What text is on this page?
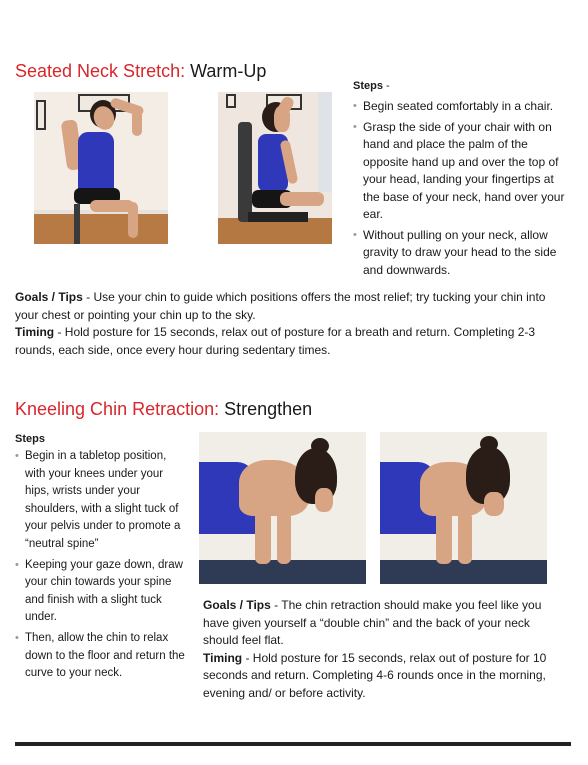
Seated Neck Stretch: Warm-Up
Steps -
• Begin seated comfortably in a chair.
• Grasp the side of your chair with on hand and place the palm of the opposite hand up and over the top of your head, landing your fingertips at the base of your neck, hand over your ear.
• Without pulling on your neck, allow gravity to draw your head to the side and downwards.

Goals / Tips - Use your chin to guide which positions offers the most relief; try tucking your chin into your chest or pointing your chin up to the sky.

Timing - Hold posture for 15 seconds, relax out of posture for a breath and return. Completing 2-3 rounds, each side, once every hour during sedentary times.

Kneeling Chin Retraction: Strengthen
Steps
• Begin in a tabletop position, with your knees under your hips, wrists under your shoulders, with a slight tuck of your pelvis under to promote a “neutral spine”
• Keeping your gaze down, draw your chin towards your spine and finish with a slight tuck under.
• Then, allow the chin to relax down to the floor and return the curve to your neck.

Goals / Tips - The chin retraction should make you feel like you have given yourself a “double chin” and the back of your neck should feel flat.

Timing - Hold posture for 15 seconds, relax out of posture for 10 seconds and return. Completing 4-6 rounds once in the morning, evening and/ or before activity.
